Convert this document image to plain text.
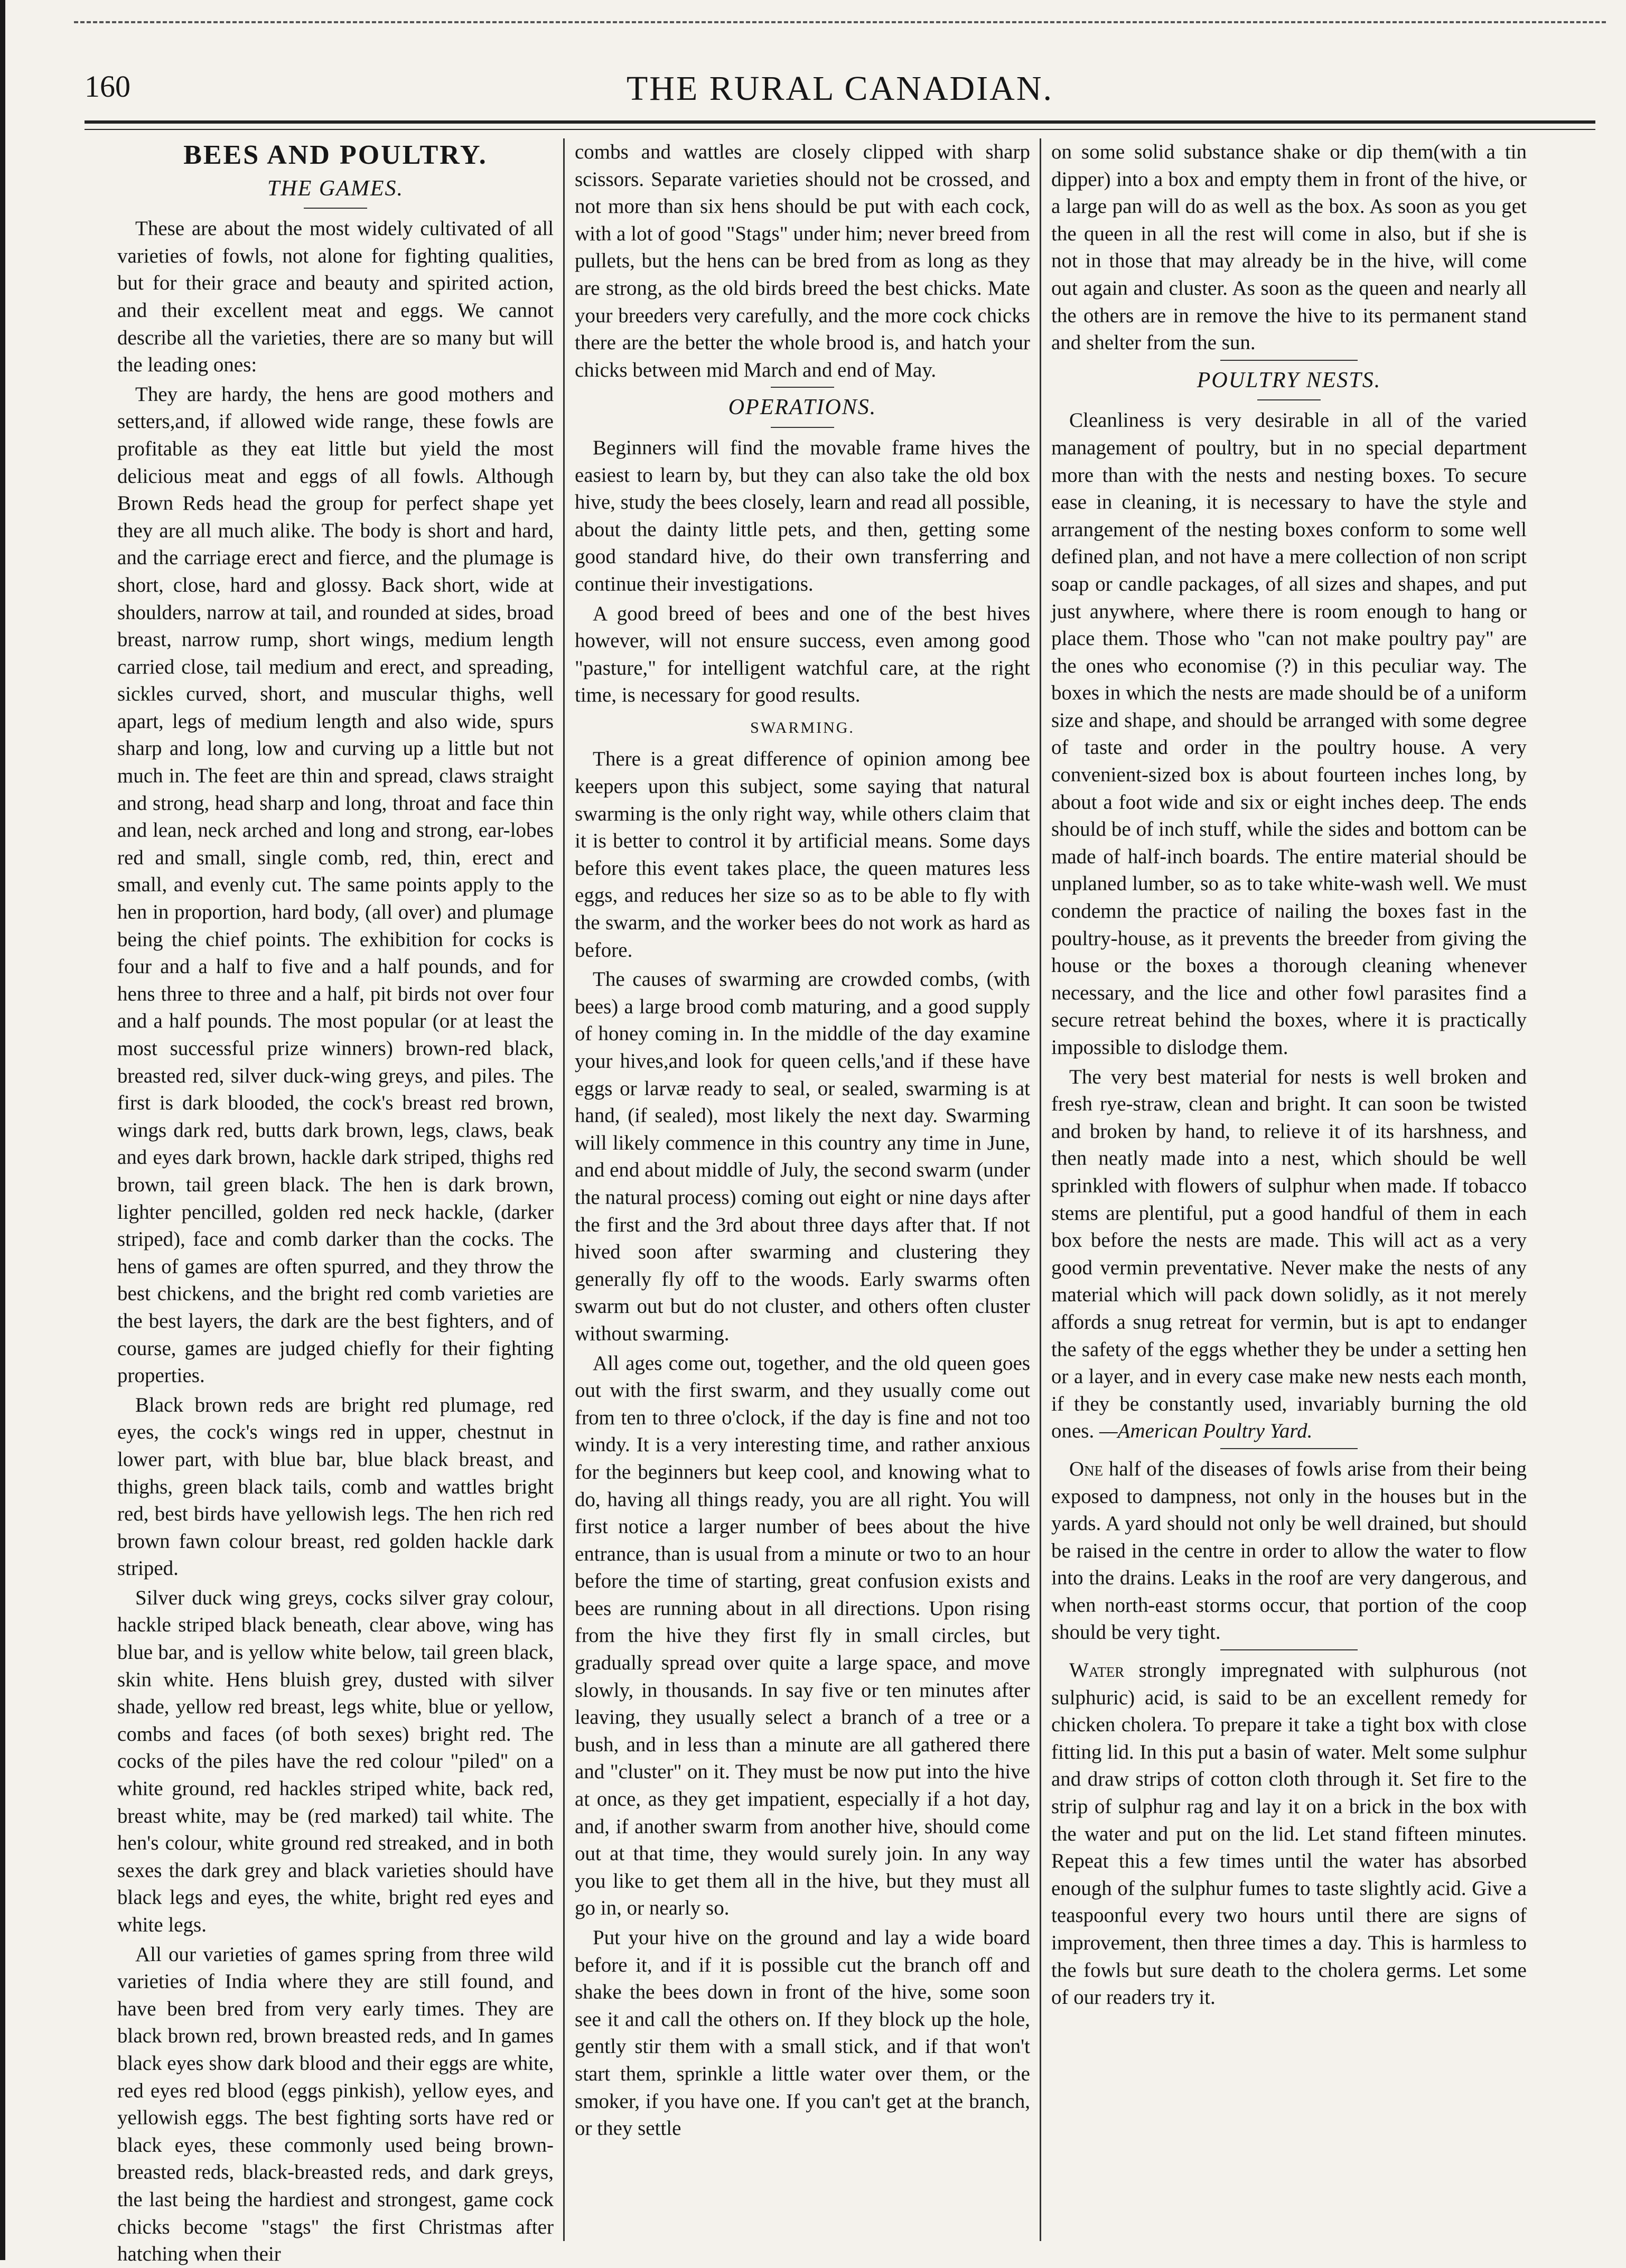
160	THE RURAL CANADIAN.
BEES AND POULTRY.
THE GAMES.

These are about the most widely cultivated of all varieties of fowls, not alone for fighting qualities, but for their grace and beauty and spirited action, and their excellent meat and eggs. We cannot describe all the varieties, there are so many but will the leading ones:

They are hardy, the hens are good mothers and setters,and, if allowed wide range, these fowls are profitable as they eat little but yield the most delicious meat and eggs of all fowls. Although Brown Reds head the group for perfect shape yet they are all much alike. The body is short and hard, and the carriage erect and fierce, and the plumage is short, close, hard and glossy. Back short, wide at shoulders, narrow at tail, and rounded at sides, broad breast, narrow rump, short wings, medium length carried close, tail medium and erect, and spreading, sickles curved, short, and muscular thighs, well apart, legs of medium length and also wide, spurs sharp and long, low and curving up a little but not much in. The feet are thin and spread, claws straight and strong, head sharp and long, throat and face thin and lean, neck arched and long and strong, ear-lobes red and small, single comb, red, thin, erect and small, and evenly cut. The same points apply to the hen in proportion, hard body, (all over) and plumage being the chief points. The exhibition for cocks is four and a half to five and a half pounds, and for hens three to three and a half, pit birds not over four and a half pounds. The most popular (or at least the most successful prize winners) brown-red black, breasted red, silver duck-wing greys, and piles. The first is dark blooded, the cock's breast red brown, wings dark red, butts dark brown, legs, claws, beak and eyes dark brown, hackle dark striped, thighs red brown, tail green black. The hen is dark brown, lighter pencilled, golden red neck hackle, (darker striped), face and comb darker than the cocks. The hens of games are often spurred, and they throw the best chickens, and the bright red comb varieties are the best layers, the dark are the best fighters, and of course, games are judged chiefly for their fighting properties.

Black brown reds are bright red plumage, red eyes, the cock's wings red in upper, chestnut in lower part, with blue bar, blue black breast, and thighs, green black tails, comb and wattles bright red, best birds have yellowish legs. The hen rich red brown fawn colour breast, red golden hackle dark striped.

Silver duck wing greys, cocks silver gray colour, hackle striped black beneath, clear above, wing has blue bar, and is yellow white below, tail green black, skin white. Hens bluish grey, dusted with silver shade, yellow red breast, legs white, blue or yellow, combs and faces (of both sexes) bright red. The cocks of the piles have the red colour "piled" on a white ground, red hackles striped white, back red, breast white, may be (red marked) tail white. The hen's colour, white ground red streaked, and in both sexes the dark grey and black varieties should have black legs and eyes, the white, bright red eyes and white legs.

All our varieties of games spring from three wild varieties of India where they are still found, and have been bred from very early times. They are black brown red, brown breasted reds, and In games black eyes show dark blood and their eggs are white, red eyes red blood (eggs pinkish), yellow eyes, and yellowish eggs. The best fighting sorts have red or black eyes, these commonly used being brown-breasted reds, black-breasted reds, and dark greys, the last being the hardiest and strongest, game cock chicks become "stags" the first Christmas after hatching when their

combs and wattles are closely clipped with sharp scissors. Separate varieties should not be crossed, and not more than six hens should be put with each cock, with a lot of good "Stags" under him; never breed from pullets, but the hens can be bred from as long as they are strong, as the old birds breed the best chicks. Mate your breeders very carefully, and the more cock chicks there are the better the whole brood is, and hatch your chicks between mid March and end of May.

OPERATIONS.

Beginners will find the movable frame hives the easiest to learn by, but they can also take the old box hive, study the bees closely, learn and read all possible, about the dainty little pets, and then, getting some good standard hive, do their own transferring and continue their investigations.

A good breed of bees and one of the best hives however, will not ensure success, even among good "pasture," for intelligent watchful care, at the right time, is necessary for good results.

SWARMING.

There is a great difference of opinion among bee keepers upon this subject, some saying that natural swarming is the only right way, while others claim that it is better to control it by artificial means. Some days before this event takes place, the queen matures less eggs, and reduces her size so as to be able to fly with the swarm, and the worker bees do not work as hard as before.

The causes of swarming are crowded combs, (with bees) a large brood comb maturing, and a good supply of honey coming in. In the middle of the day examine your hives,and look for queen cells,'and if these have eggs or larvæ ready to seal, or sealed, swarming is at hand, (if sealed), most likely the next day. Swarming will likely commence in this country any time in June, and end about middle of July, the second swarm (under the natural process) coming out eight or nine days after the first and the 3rd about three days after that. If not hived soon after swarming and clustering they generally fly off to the woods. Early swarms often swarm out but do not cluster, and others often cluster without swarming.

All ages come out, together, and the old queen goes out with the first swarm, and they usually come out from ten to three o'clock, if the day is fine and not too windy. It is a very interesting time, and rather anxious for the beginners but keep cool, and knowing what to do, having all things ready, you are all right. You will first notice a larger number of bees about the hive entrance, than is usual from a minute or two to an hour before the time of starting, great confusion exists and bees are running about in all directions. Upon rising from the hive they first fly in small circles, but gradually spread over quite a large space, and move slowly, in thousands. In say five or ten minutes after leaving, they usually select a branch of a tree or a bush, and in less than a minute are all gathered there and "cluster" on it. They must be now put into the hive at once, as they get impatient, especially if a hot day, and, if another swarm from another hive, should come out at that time, they would surely join. In any way you like to get them all in the hive, but they must all go in, or nearly so.

Put your hive on the ground and lay a wide board before it, and if it is possible cut the branch off and shake the bees down in front of the hive, some soon see it and call the others on. If they block up the hole, gently stir them with a small stick, and if that won't start them, sprinkle a little water over them, or the smoker, if you have one. If you can't get at the branch, or they settle

on some solid substance shake or dip them(with a tin dipper) into a box and empty them in front of the hive, or a large pan will do as well as the box. As soon as you get the queen in all the rest will come in also, but if she is not in those that may already be in the hive, will come out again and cluster. As soon as the queen and nearly all the others are in remove the hive to its permanent stand and shelter from the sun.

POULTRY NESTS.

Cleanliness is very desirable in all of the varied management of poultry, but in no special department more than with the nests and nesting boxes. To secure ease in cleaning, it is necessary to have the style and arrangement of the nesting boxes conform to some well defined plan, and not have a mere collection of non script soap or candle packages, of all sizes and shapes, and put just anywhere, where there is room enough to hang or place them. Those who "can not make poultry pay" are the ones who economise (?) in this peculiar way. The boxes in which the nests are made should be of a uniform size and shape, and should be arranged with some degree of taste and order in the poultry house. A very convenient-sized box is about fourteen inches long, by about a foot wide and six or eight inches deep. The ends should be of inch stuff, while the sides and bottom can be made of half-inch boards. The entire material should be unplaned lumber, so as to take white-wash well. We must condemn the practice of nailing the boxes fast in the poultry-house, as it prevents the breeder from giving the house or the boxes a thorough cleaning whenever necessary, and the lice and other fowl parasites find a secure retreat behind the boxes, where it is practically impossible to dislodge them.

The very best material for nests is well broken and fresh rye-straw, clean and bright. It can soon be twisted and broken by hand, to relieve it of its harshness, and then neatly made into a nest, which should be well sprinkled with flowers of sulphur when made. If tobacco stems are plentiful, put a good handful of them in each box before the nests are made. This will act as a very good vermin preventative. Never make the nests of any material which will pack down solidly, as it not merely affords a snug retreat for vermin, but is apt to endanger the safety of the eggs whether they be under a setting hen or a layer, and in every case make new nests each month, if they be constantly used, invariably burning the old ones. —American Poultry Yard.

One half of the diseases of fowls arise from their being exposed to dampness, not only in the houses but in the yards. A yard should not only be well drained, but should be raised in the centre in order to allow the water to flow into the drains. Leaks in the roof are very dangerous, and when north-east storms occur, that portion of the coop should be very tight.

Water strongly impregnated with sulphurous (not sulphuric) acid, is said to be an excellent remedy for chicken cholera. To prepare it take a tight box with close fitting lid. In this put a basin of water. Melt some sulphur and draw strips of cotton cloth through it. Set fire to the strip of sulphur rag and lay it on a brick in the box with the water and put on the lid. Let stand fifteen minutes. Repeat this a few times until the water has absorbed enough of the sulphur fumes to taste slightly acid. Give a teaspoonful every two hours until there are signs of improvement, then three times a day. This is harmless to the fowls but sure death to the cholera germs. Let some of our readers try it.
